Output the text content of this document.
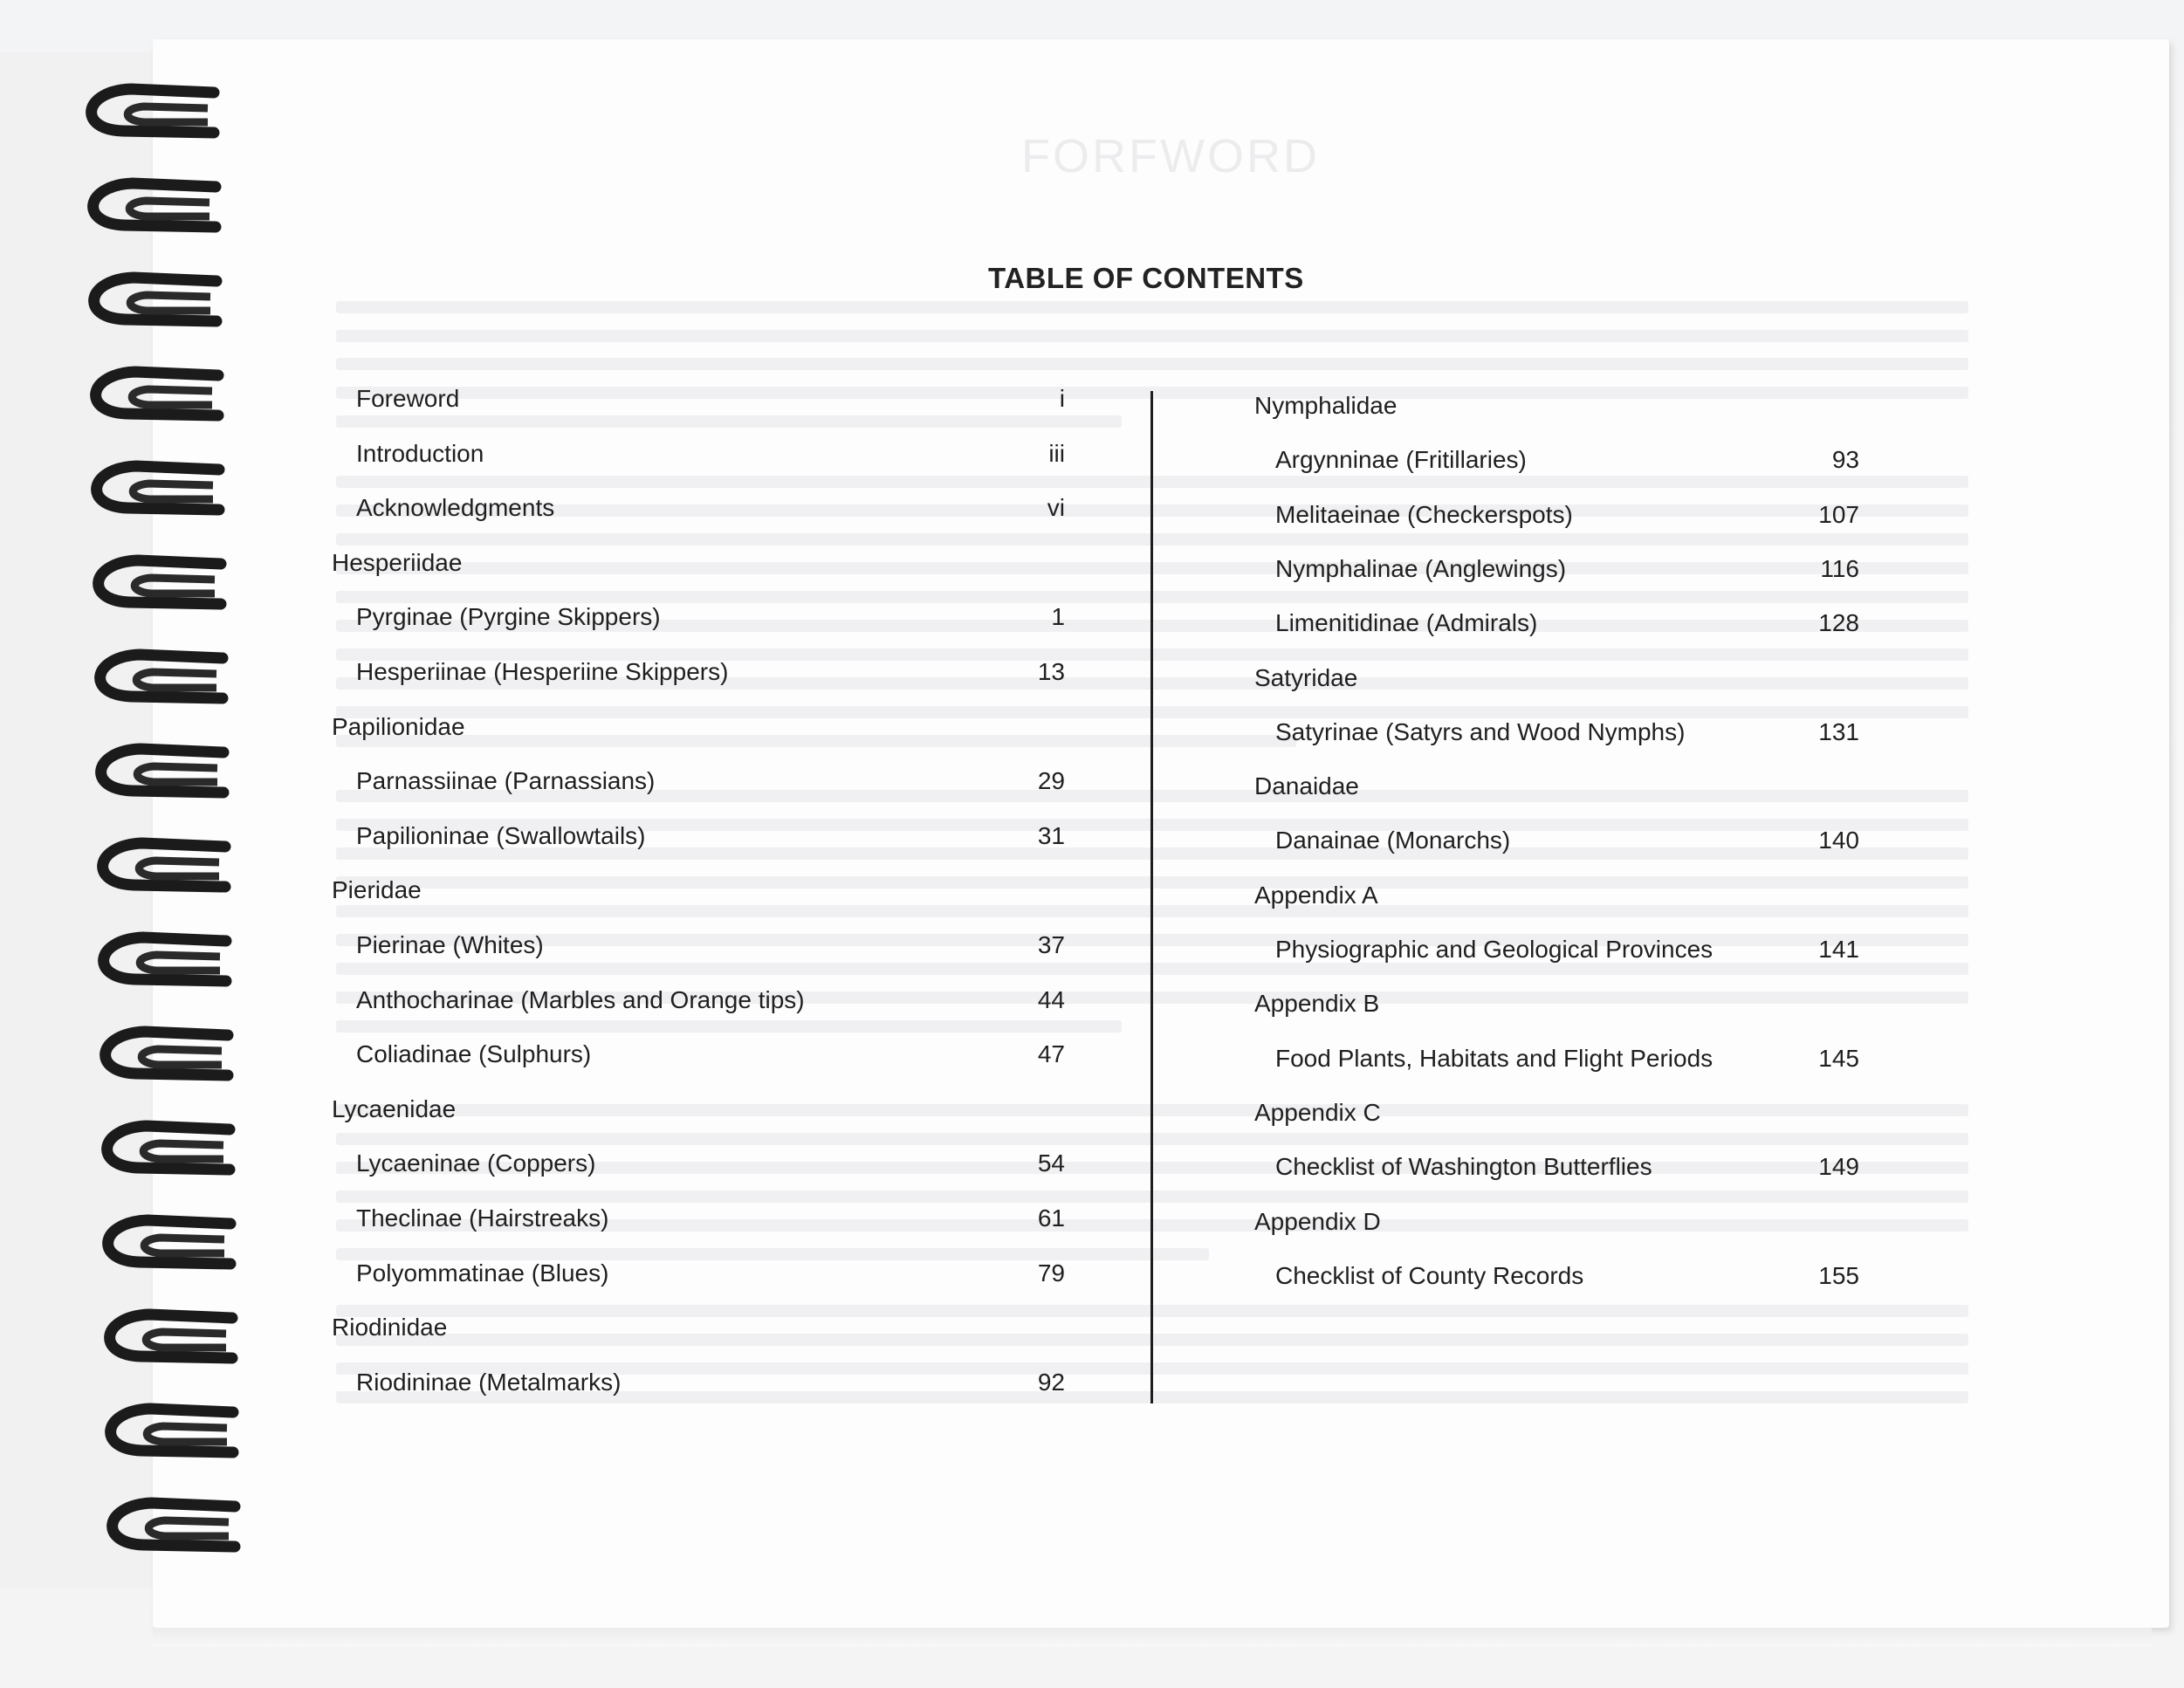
FORFWORD
TABLE OF CONTENTS
Foreword	i
Introduction	iii
Acknowledgments	vi
Hesperiidae
Pyrginae (Pyrgine Skippers)	1
Hesperiinae (Hesperiine Skippers)	13
Papilionidae
Parnassiinae (Parnassians)	29
Papilioninae (Swallowtails)	31
Pieridae
Pierinae (Whites)	37
Anthocharinae (Marbles and Orange tips)	44
Coliadinae (Sulphurs)	47
Lycaenidae
Lycaeninae (Coppers)	54
Theclinae (Hairstreaks)	61
Polyommatinae (Blues)	79
Riodinidae
Riodininae (Metalmarks)	92
Nymphalidae
Argynninae (Fritillaries)	93
Melitaeinae (Checkerspots)	107
Nymphalinae (Anglewings)	116
Limenitidinae (Admirals)	128
Satyridae
Satyrinae (Satyrs and Wood Nymphs)	131
Danaidae
Danainae (Monarchs)	140
Appendix A
Physiographic and Geological Provinces	141
Appendix B
Food Plants, Habitats and Flight Periods	145
Appendix C
Checklist of Washington Butterflies	149
Appendix D
Checklist of County Records	155
